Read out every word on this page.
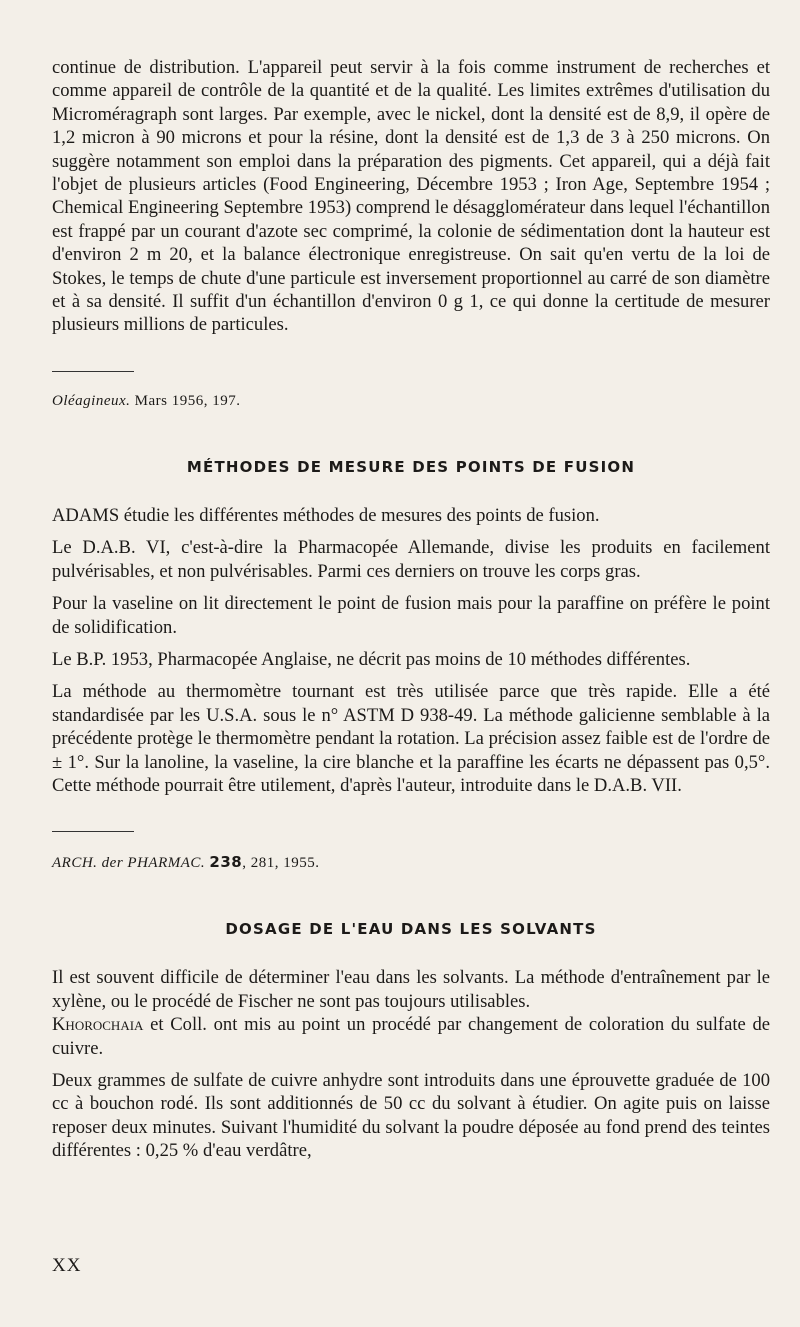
continue de distribution. L'appareil peut servir à la fois comme instrument de recherches et comme appareil de contrôle de la quantité et de la qualité. Les limites extrêmes d'utilisation du Microméragraph sont larges. Par exemple, avec le nickel, dont la densité est de 8,9, il opère de 1,2 micron à 90 microns et pour la résine, dont la densité est de 1,3 de 3 à 250 microns. On suggère notamment son emploi dans la préparation des pigments. Cet appareil, qui a déjà fait l'objet de plusieurs articles (Food Engineering, Décembre 1953 ; Iron Age, Septembre 1954 ; Chemical Engineering Septembre 1953) comprend le désagglomérateur dans lequel l'échantillon est frappé par un courant d'azote sec comprimé, la colonie de sédimentation dont la hauteur est d'environ 2 m 20, et la balance électronique enregistreuse. On sait qu'en vertu de la loi de Stokes, le temps de chute d'une particule est inversement proportionnel au carré de son diamètre et à sa densité. Il suffit d'un échantillon d'environ 0 g 1, ce qui donne la certitude de mesurer plusieurs millions de particules.

Oléagineux. Mars 1956, 197.

MÉTHODES DE MESURE DES POINTS DE FUSION

ADAMS étudie les différentes méthodes de mesures des points de fusion.

Le D.A.B. VI, c'est-à-dire la Pharmacopée Allemande, divise les produits en facilement pulvérisables, et non pulvérisables. Parmi ces derniers on trouve les corps gras.

Pour la vaseline on lit directement le point de fusion mais pour la paraffine on préfère le point de solidification.

Le B.P. 1953, Pharmacopée Anglaise, ne décrit pas moins de 10 méthodes différentes.

La méthode au thermomètre tournant est très utilisée parce que très rapide. Elle a été standardisée par les U.S.A. sous le n° ASTM D 938-49. La méthode galicienne semblable à la précédente protège le thermomètre pendant la rotation. La précision assez faible est de l'ordre de ± 1°. Sur la lanoline, la vaseline, la cire blanche et la paraffine les écarts ne dépassent pas 0,5°. Cette méthode pourrait être utilement, d'après l'auteur, introduite dans le D.A.B. VII.

ARCH. der PHARMAC. 238, 281, 1955.

DOSAGE DE L'EAU DANS LES SOLVANTS

Il est souvent difficile de déterminer l'eau dans les solvants. La méthode d'entraînement par le xylène, ou le procédé de Fischer ne sont pas toujours utilisables.

Khorochaia et Coll. ont mis au point un procédé par changement de coloration du sulfate de cuivre.

Deux grammes de sulfate de cuivre anhydre sont introduits dans une éprouvette graduée de 100 cc à bouchon rodé. Ils sont additionnés de 50 cc du solvant à étudier. On agite puis on laisse reposer deux minutes. Suivant l'humidité du solvant la poudre déposée au fond prend des teintes différentes : 0,25 % d'eau verdâtre,

XX
